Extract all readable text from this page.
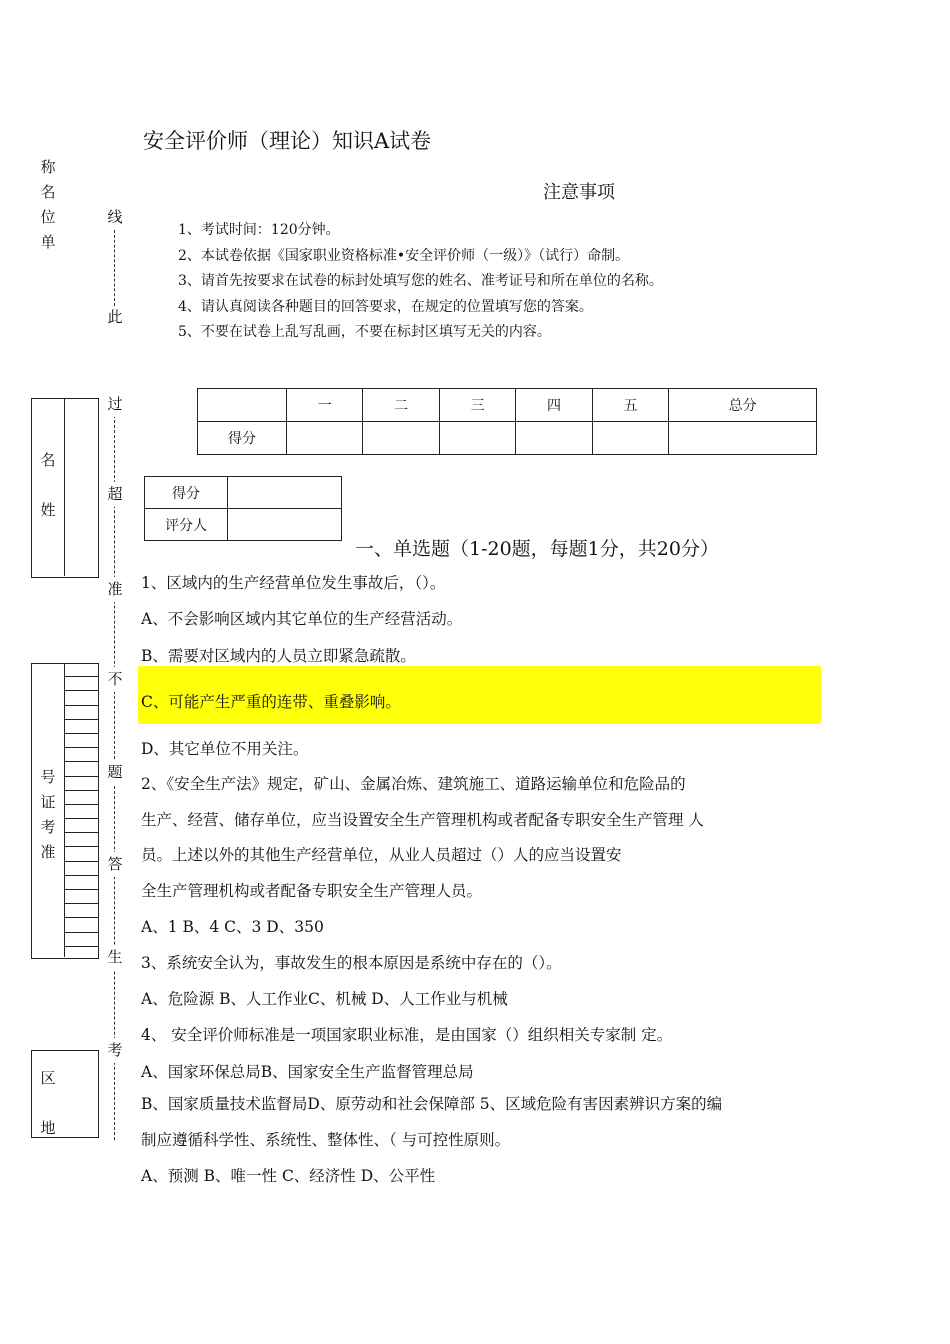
称
名
位
单
线

此
名

姓
号
证
考
准
区

地
过
超
准
不
题
答
生
考
安全评价师（理论）知识A试卷
注意事项
1、考试时间：120分钟。
2、本试卷依据《国家职业资格标准•安全评价师（一级）》（试行）命制。
3、请首先按要求在试卷的标封处填写您的姓名、准考证号和所在单位的名称。
4、请认真阅读各种题目的回答要求，在规定的位置填写您的答案。
5、不要在试卷上乱写乱画，不要在标封区填写无关的内容。
	一	二	三	四	五	总分
得分						
得分	
评分人	
一、单选题（1-20题，每题1分，共20分）
1、区域内的生产经营单位发生事故后，（）。
A、不会影响区域内其它单位的生产经营活动。
B、需要对区域内的人员立即紧急疏散。
C、可能产生严重的连带、重叠影响。
D、其它单位不用关注。
2、《安全生产法》规定，矿山、金属冶炼、建筑施工、道路运输单位和危险品的
生产、经营、储存单位，应当设置安全生产管理机构或者配备专职安全生产管理 人
员。上述以外的其他生产经营单位，从业人员超过（）人的应当设置安
全生产管理机构或者配备专职安全生产管理人员。
A、1 B、4 C、3 D、350
3、系统安全认为，事故发生的根本原因是系统中存在的（）。
A、危险源 B、人工作业C、机械 D、人工作业与机械
4、 安全评价师标准是一项国家职业标准，是由国家（）组织相关专家制 定。
A、国家环保总局B、国家安全生产监督管理总局
B、国家质量技术监督局D、原劳动和社会保障部 5、区域危险有害因素辨识方案的编
制应遵循科学性、系统性、整体性、（ 与可控性原则。
A、预测 B、唯一性 C、经济性 D、公平性
